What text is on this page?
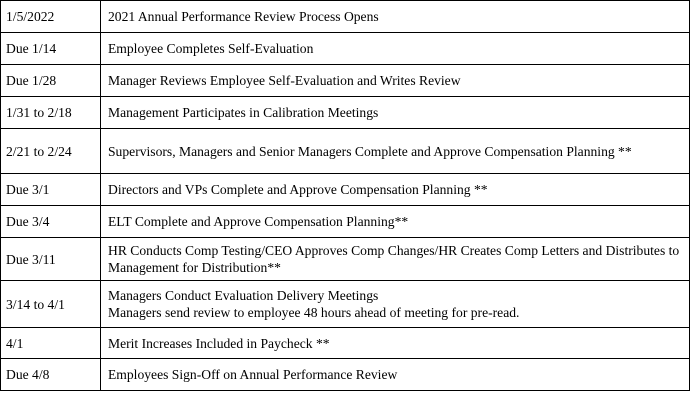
1/5/2022	2021 Annual Performance Review Process Opens

Due 1/14	Employee Completes Self-Evaluation

Due 1/28	Manager Reviews Employee Self-Evaluation and Writes Review

1/31 to 2/18	Management Participates in Calibration Meetings

2/21 to 2/24	Supervisors, Managers and Senior Managers Complete and Approve Compensation Planning **

Due 3/1	Directors and VPs Complete and Approve Compensation Planning **

Due 3/4	ELT Complete and Approve Compensation Planning**

Due 3/11	HR Conducts Comp Testing/CEO Approves Comp Changes/HR Creates Comp Letters and Distributes to Management for Distribution**

3/14 to 4/1	Managers Conduct Evaluation Delivery Meetings
Managers send review to employee 48 hours ahead of meeting for pre-read.

4/1	Merit Increases Included in Paycheck **

Due 4/8	Employees Sign-Off on Annual Performance Review
